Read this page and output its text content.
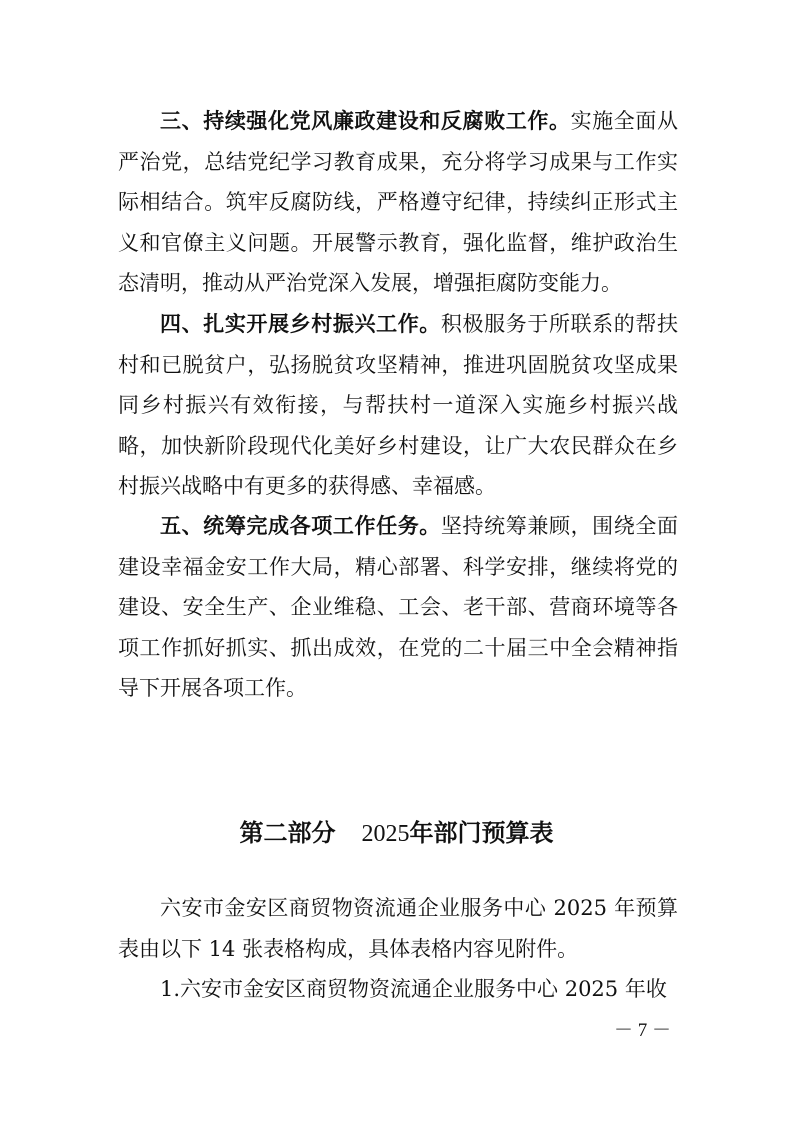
三、持续强化党风廉政建设和反腐败工作。实施全面从严治党，总结党纪学习教育成果，充分将学习成果与工作实际相结合。筑牢反腐防线，严格遵守纪律，持续纠正形式主义和官僚主义问题。开展警示教育，强化监督，维护政治生态清明，推动从严治党深入发展，增强拒腐防变能力。

四、扎实开展乡村振兴工作。积极服务于所联系的帮扶村和已脱贫户，弘扬脱贫攻坚精神，推进巩固脱贫攻坚成果同乡村振兴有效衔接，与帮扶村一道深入实施乡村振兴战略，加快新阶段现代化美好乡村建设，让广大农民群众在乡村振兴战略中有更多的获得感、幸福感。

五、统筹完成各项工作任务。坚持统筹兼顾，围绕全面建设幸福金安工作大局，精心部署、科学安排，继续将党的建设、安全生产、企业维稳、工会、老干部、营商环境等各项工作抓好抓实、抓出成效，在党的二十届三中全会精神指导下开展各项工作。

第二部分 2025年部门预算表

六安市金安区商贸物资流通企业服务中心 2025 年预算表由以下 14 张表格构成，具体表格内容见附件。

1.六安市金安区商贸物资流通企业服务中心 2025 年收

－ 7 －
